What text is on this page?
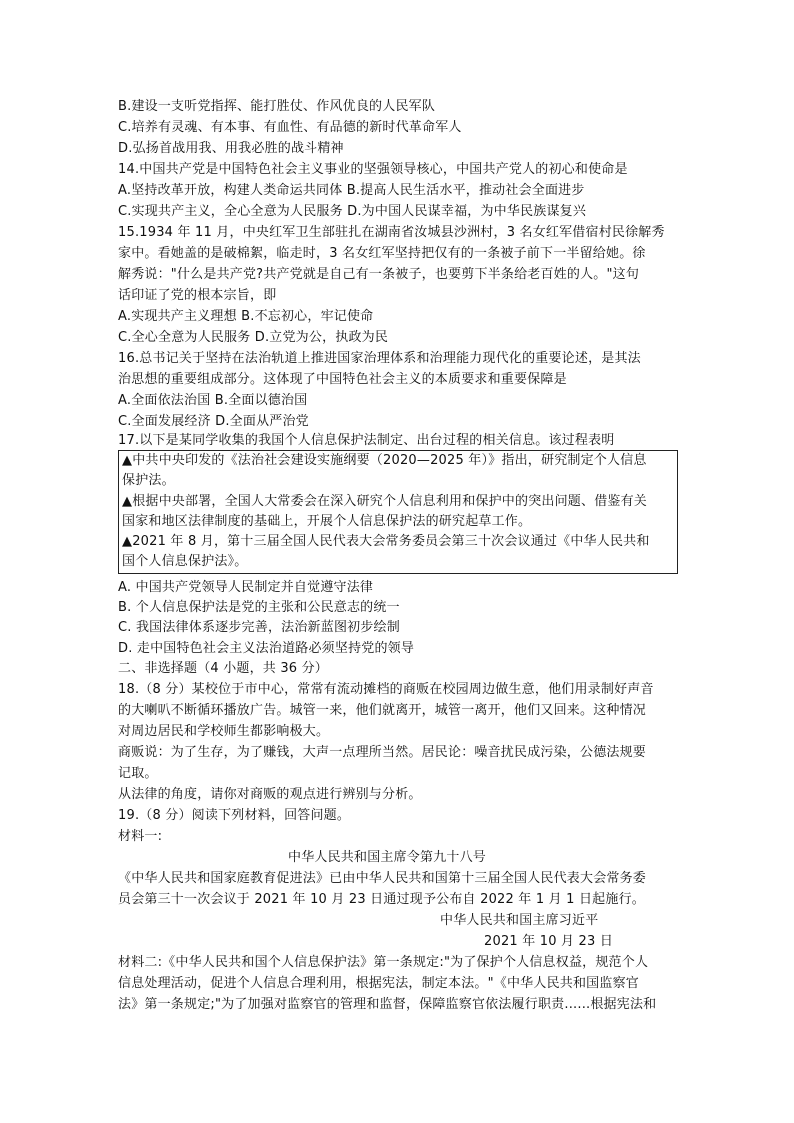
B.建设一支听党指挥、能打胜仗、作风优良的人民军队
C.培养有灵魂、有本事、有血性、有品德的新时代革命军人
D.弘扬首战用我、用我必胜的战斗精神
14.中国共产党是中国特色社会主义事业的坚强领导核心，中国共产党人的初心和使命是
A.坚持改革开放，构建人类命运共同体 B.提高人民生活水平，推动社会全面进步
C.实现共产主义，全心全意为人民服务 D.为中国人民谋幸福，为中华民族谋复兴
15.1934 年 11 月，中央红军卫生部驻扎在湖南省汝城县沙洲村，3 名女红军借宿村民徐解秀
家中。看她盖的是破棉絮，临走时，3 名女红军坚持把仅有的一条被子前下一半留给她。徐
解秀说："什么是共产党?共产党就是自己有一条被子，也要剪下半条给老百姓的人。"这句
话印证了党的根本宗旨，即
A.实现共产主义理想 B.不忘初心，牢记使命
C.全心全意为人民服务 D.立党为公，执政为民
16.总书记关于坚持在法治轨道上推进国家治理体系和治理能力现代化的重要论述，是其法
治思想的重要组成部分。这体现了中国特色社会主义的本质要求和重要保障是
A.全面依法治国 B.全面以德治国
C.全面发展经济 D.全面从严治党
17.以下是某同学收集的我国个人信息保护法制定、出台过程的相关信息。该过程表明
▲中共中央印发的《法治社会建设实施纲要（2020—2025 年）》指出，研究制定个人信息
保护法。
▲根据中央部署，全国人大常委会在深入研究个人信息利用和保护中的突出问题、借鉴有关
国家和地区法律制度的基础上，开展个人信息保护法的研究起草工作。
▲2021 年 8 月，第十三届全国人民代表大会常务委员会第三十次会议通过《中华人民共和
国个人信息保护法》。
A. 中国共产党领导人民制定并自觉遵守法律
B. 个人信息保护法是党的主张和公民意志的统一
C. 我国法律体系逐步完善，法治新蓝图初步绘制
D. 走中国特色社会主义法治道路必须坚持党的领导
二、非选择题（4 小题，共 36 分）
18.（8 分）某校位于市中心，常常有流动摊档的商贩在校园周边做生意，他们用录制好声音
的大喇叭不断循环播放广告。城管一来，他们就离开，城管一离开，他们又回来。这种情况
对周边居民和学校师生都影响极大。
商贩说：为了生存，为了赚钱，大声一点理所当然。居民论：噪音扰民成污染，公德法规要
记取。
从法律的角度，请你对商贩的观点进行辨别与分析。
19.（8 分）阅读下列材料，回答问题。
材料一:
中华人民共和国主席令第九十八号
《中华人民共和国家庭教育促进法》已由中华人民共和国第十三届全国人民代表大会常务委
员会第三十一次会议于 2021 年 10 月 23 日通过现予公布自 2022 年 1 月 1 日起施行。
中华人民共和国主席习近平
2021 年 10 月 23 日
材料二:《中华人民共和国个人信息保护法》第一条规定:"为了保护个人信息权益，规范个人
信息处理活动，促进个人信息合理利用，根据宪法，制定本法。"《中华人民共和国监察官
法》第一条规定;"为了加强对监察官的管理和监督，保障监察官依法履行职责......根据宪法和
